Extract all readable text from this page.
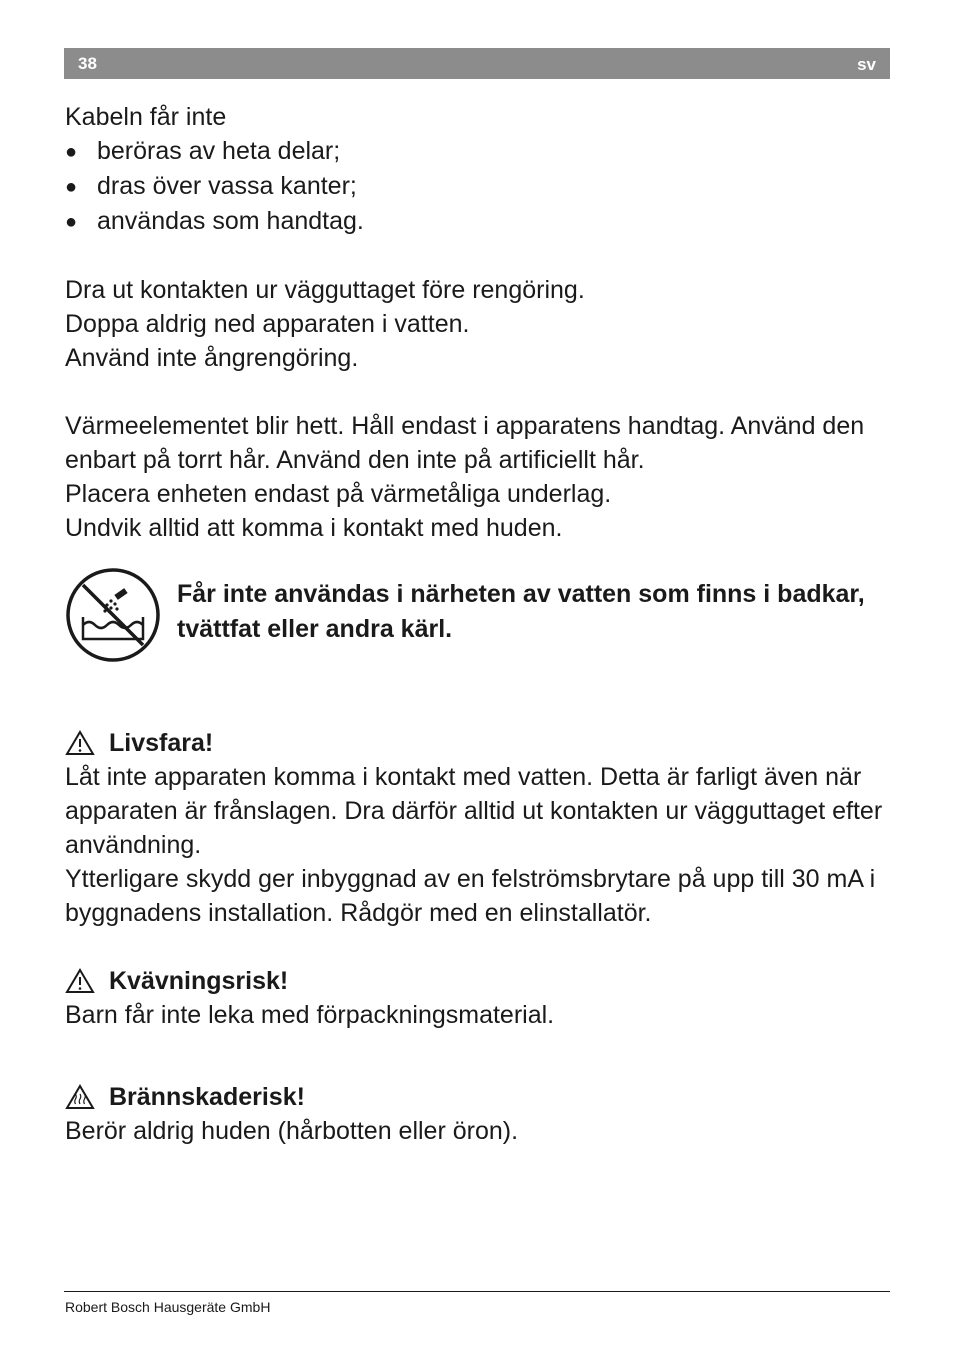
38	sv

Kabeln får inte

● beröras av heta delar;
● dras över vassa kanter;
● användas som handtag.

Dra ut kontakten ur vägguttaget före rengöring.

Doppa aldrig ned apparaten i vatten.

Använd inte ångrengöring.

Värmeelementet blir hett. Håll endast i apparatens handtag. Använd den enbart på torrt hår. Använd den inte på artificiellt hår.

Placera enheten endast på värmetåliga underlag.

Undvik alltid att komma i kontakt med huden.

Får inte användas i närheten av vatten som finns i badkar, tvättfat eller andra kärl.

Livsfara!

Låt inte apparaten komma i kontakt med vatten. Detta är farligt även när apparaten är frånslagen. Dra därför alltid ut kontakten ur vägguttaget efter användning.

Ytterligare skydd ger inbyggnad av en felströmsbrytare på upp till 30 mA i byggnadens installation. Rådgör med en elinstallatör.

Kvävningsrisk!

Barn får inte leka med förpackningsmaterial.

Brännskaderisk!

Berör aldrig huden (hårbotten eller öron).

Robert Bosch Hausgeräte GmbH
